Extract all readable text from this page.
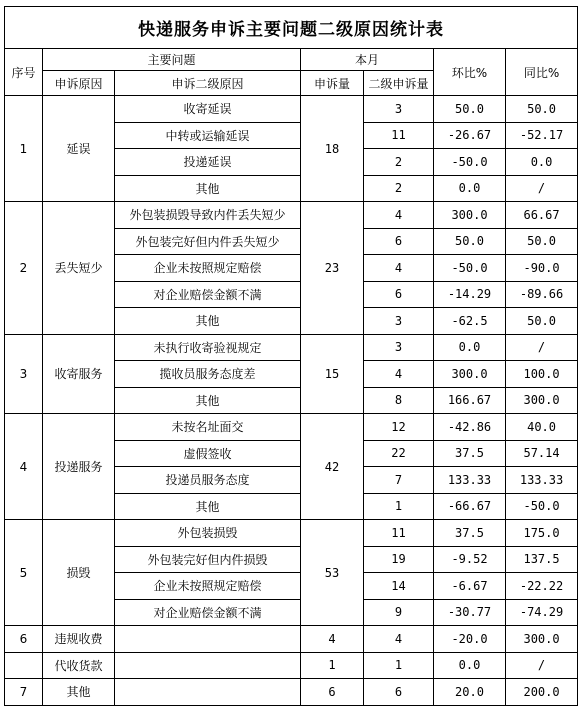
快递服务申诉主要问题二级原因统计表						
序号	主要问题		本月		环比%	同比%
	申诉原因	申诉二级原因	申诉量	二级申诉量		
1	延误	收寄延误	18	3	50.0	50.0
		中转或运输延误		11	-26.67	-52.17
		投递延误		2	-50.0	0.0
		其他		2	0.0	/
2	丢失短少	外包装损毁导致内件丢失短少	23	4	300.0	66.67
		外包装完好但内件丢失短少		6	50.0	50.0
		企业未按照规定赔偿		4	-50.0	-90.0
		对企业赔偿金额不满		6	-14.29	-89.66
		其他		3	-62.5	50.0
3	收寄服务	未执行收寄验视规定	15	3	0.0	/
		揽收员服务态度差		4	300.0	100.0
		其他		8	166.67	300.0
4	投递服务	未按名址面交	42	12	-42.86	40.0
		虚假签收		22	37.5	57.14
		投递员服务态度		7	133.33	133.33
		其他		1	-66.67	-50.0
5	损毁	外包装损毁	53	11	37.5	175.0
		外包装完好但内件损毁		19	-9.52	137.5
		企业未按照规定赔偿		14	-6.67	-22.22
		对企业赔偿金额不满		9	-30.77	-74.29
6	违规收费		4	4	-20.0	300.0
	代收货款		1	1	0.0	/
7	其他		6	6	20.0	200.0
